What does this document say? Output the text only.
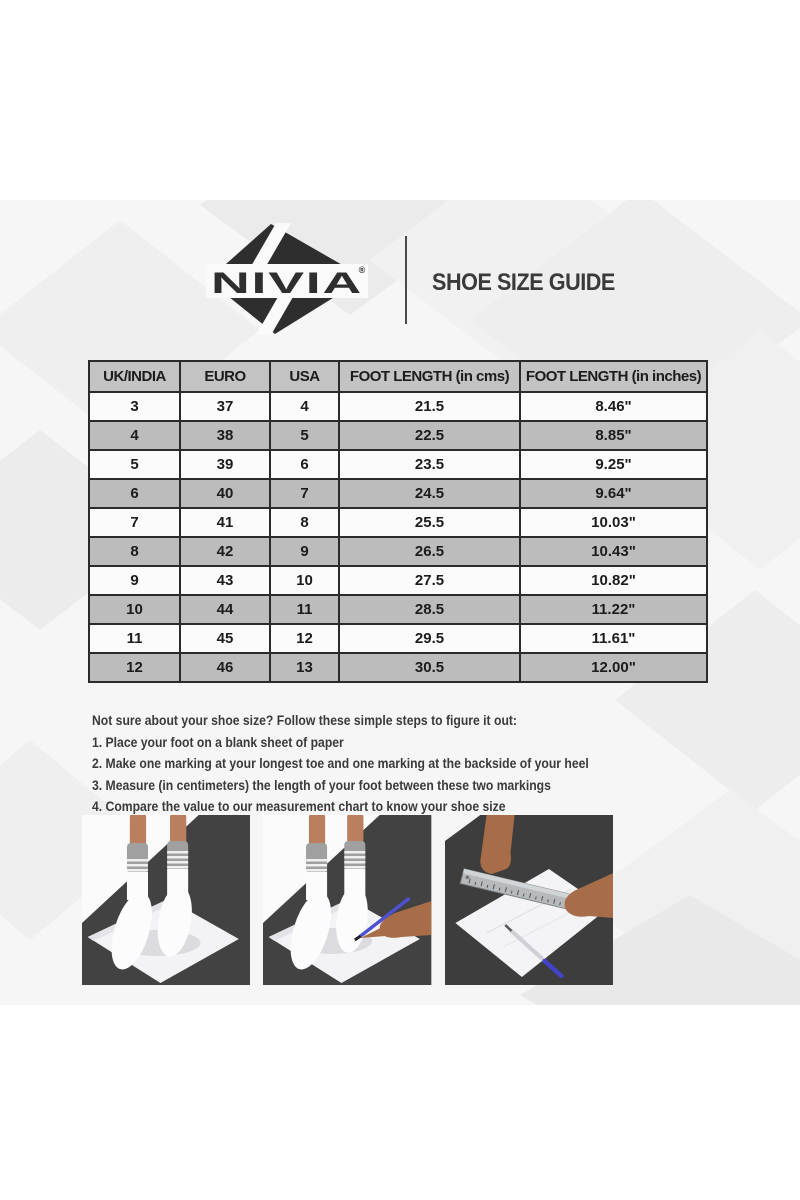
NIVIA
®	SHOE SIZE GUIDE
UK/INDIA	EURO	USA	FOOT LENGTH (in cms)	FOOT LENGTH (in inches)
3	37	4	21.5	8.46"
4	38	5	22.5	8.85"
5	39	6	23.5	9.25"
6	40	7	24.5	9.64"
7	41	8	25.5	10.03"
8	42	9	26.5	10.43"
9	43	10	27.5	10.82"
10	44	11	28.5	11.22"
11	45	12	29.5	11.61"
12	46	13	30.5	12.00"

Not sure about your shoe size? Follow these simple steps to figure it out:

1. Place your foot on a blank sheet of paper

2. Make one marking at your longest toe and one marking at the backside of your heel

3. Measure (in centimeters) the length of your foot between these two markings

4. Compare the value to our measurement chart to know your shoe size
